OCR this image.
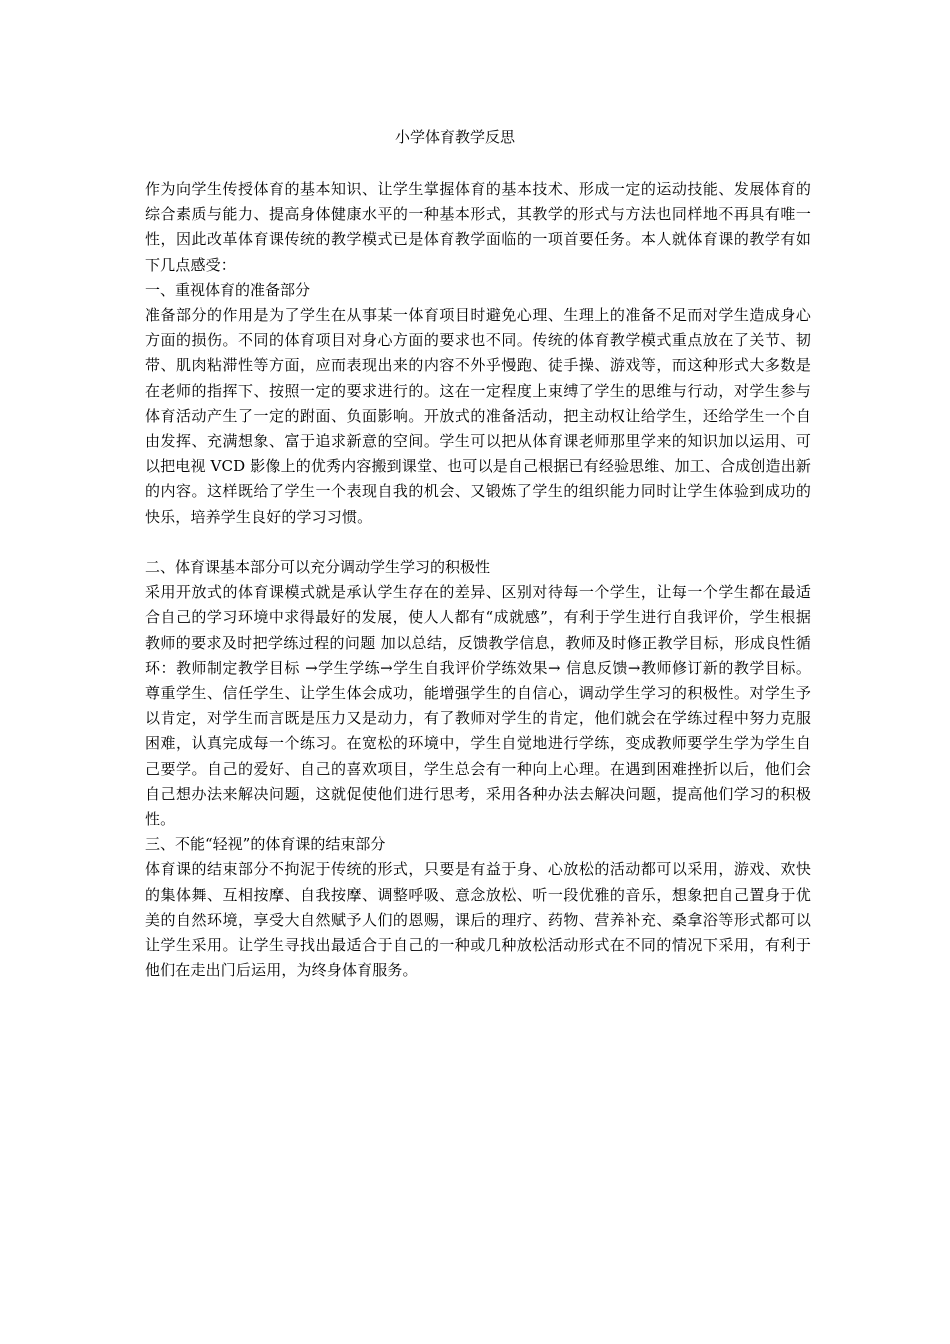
小学体育教学反思

作为向学生传授体育的基本知识、让学生掌握体育的基本技术、形成一定的运动技能、发展体育的综合素质与能力、提高身体健康水平的一种基本形式，其教学的形式与方法也同样地不再具有唯一性，因此改革体育课传统的教学模式已是体育教学面临的一项首要任务。本人就体育课的教学有如下几点感受：

一、重视体育的准备部分

准备部分的作用是为了学生在从事某一体育项目时避免心理、生理上的准备不足而对学生造成身心方面的损伤。不同的体育项目对身心方面的要求也不同。传统的体育教学模式重点放在了关节、韧带、肌肉粘滞性等方面，应而表现出来的内容不外乎慢跑、徒手操、游戏等，而这种形式大多数是在老师的指挥下、按照一定的要求进行的。这在一定程度上束缚了学生的思维与行动，对学生参与体育活动产生了一定的跗面、负面影响。开放式的准备活动，把主动权让给学生，还给学生一个自由发挥、充满想象、富于追求新意的空间。学生可以把从体育课老师那里学来的知识加以运用、可以把电视 VCD 影像上的优秀内容搬到课堂、也可以是自己根据已有经验思维、加工、合成创造出新的内容。这样既给了学生一个表现自我的机会、又锻炼了学生的组织能力同时让学生体验到成功的快乐，培养学生良好的学习习惯。

二、体育课基本部分可以充分调动学生学习的积极性

采用开放式的体育课模式就是承认学生存在的差异、区别对待每一个学生，让每一个学生都在最适合自己的学习环境中求得最好的发展，使人人都有“成就感”，有利于学生进行自我评价，学生根据教师的要求及时把学练过程的问题 加以总结，反馈教学信息，教师及时修正教学目标，形成良性循环：教师制定教学目标 →学生学练→学生自我评价学练效果→ 信息反馈→教师修订新的教学目标。尊重学生、信任学生、让学生体会成功，能增强学生的自信心，调动学生学习的积极性。对学生予以肯定，对学生而言既是压力又是动力，有了教师对学生的肯定，他们就会在学练过程中努力克服困难，认真完成每一个练习。在宽松的环境中，学生自觉地进行学练，变成教师要学生学为学生自己要学。自己的爱好、自己的喜欢项目，学生总会有一种向上心理。在遇到困难挫折以后，他们会自己想办法来解决问题，这就促使他们进行思考，采用各种办法去解决问题，提高他们学习的积极性。

三、不能“轻视”的体育课的结束部分

体育课的结束部分不拘泥于传统的形式，只要是有益于身、心放松的活动都可以采用，游戏、欢快的集体舞、互相按摩、自我按摩、调整呼吸、意念放松、听一段优雅的音乐，想象把自己置身于优美的自然环境，享受大自然赋予人们的恩赐，课后的理疗、药物、营养补充、桑拿浴等形式都可以让学生采用。让学生寻找出最适合于自己的一种或几种放松活动形式在不同的情况下采用，有利于他们在走出门后运用，为终身体育服务。
